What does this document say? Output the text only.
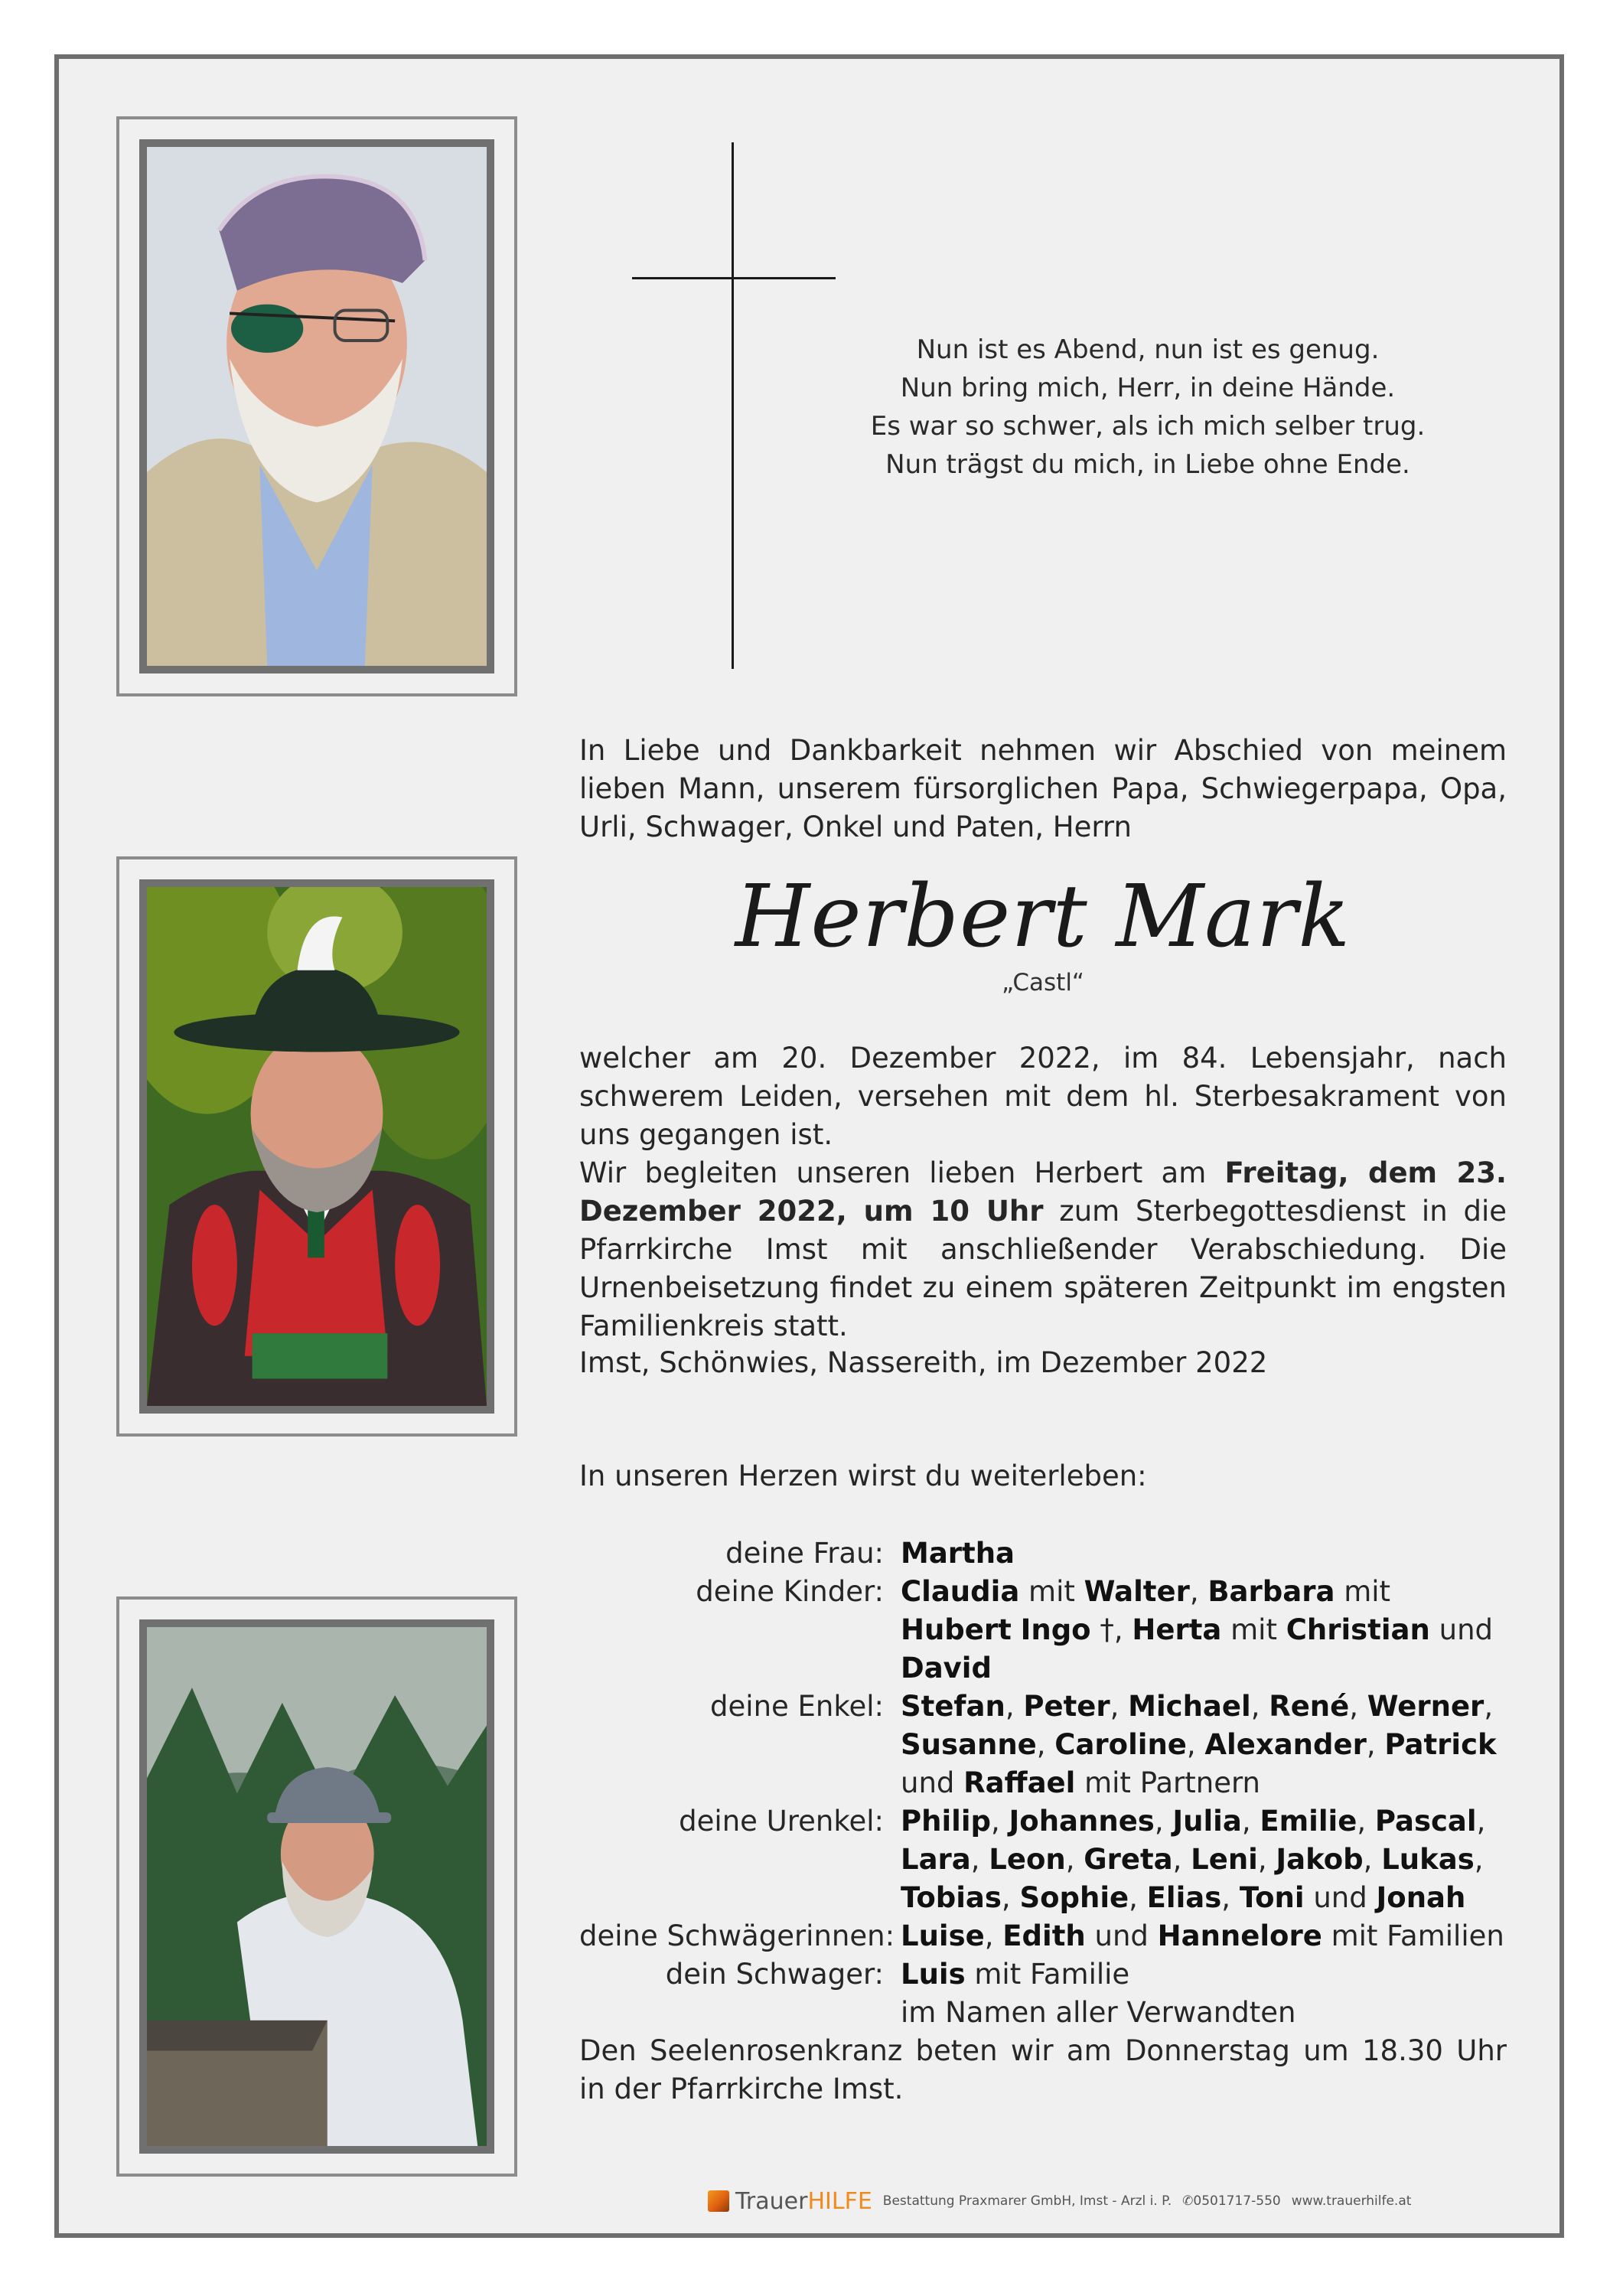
Nun ist es Abend, nun ist es genug.
Nun bring mich, Herr, in deine Hände.
Es war so schwer, als ich mich selber trug.
Nun trägst du mich, in Liebe ohne Ende.
In Liebe und Dankbarkeit nehmen wir Abschied von meinem lieben Mann, unserem fürsorglichen Papa, Schwiegerpapa, Opa, Urli, Schwager, Onkel und Paten, Herrn
Herbert Mark
„Castl“
welcher am 20. Dezember 2022, im 84. Lebensjahr, nach schwerem Leiden, versehen mit dem hl. Sterbesakrament von uns gegangen ist.
Wir begleiten unseren lieben Herbert am Freitag, dem 23. Dezember 2022, um 10 Uhr zum Sterbegottesdienst in die Pfarrkirche Imst mit anschließender Verabschiedung. Die Urnenbeisetzung findet zu einem späteren Zeitpunkt im engsten Familienkreis statt.
Imst, Schönwies, Nassereith, im Dezember 2022
In unseren Herzen wirst du weiterleben:
deine Frau: Martha
deine Kinder: Claudia mit Walter, Barbara mit Hubert Ingo †, Herta mit Christian und David
deine Enkel: Stefan, Peter, Michael, René, Werner, Susanne, Caroline, Alexander, Patrick und Raffael mit Partnern
deine Urenkel: Philip, Johannes, Julia, Emilie, Pascal, Lara, Leon, Greta, Leni, Jakob, Lukas, Tobias, Sophie, Elias, Toni und Jonah
deine Schwägerinnen: Luise, Edith und Hannelore mit Familien
dein Schwager: Luis mit Familie
im Namen aller Verwandten
Den Seelenrosenkranz beten wir am Donnerstag um 18.30 Uhr in der Pfarrkirche Imst.
TrauerHILFE Bestattung Praxmarer GmbH, Imst - Arzl i. P. ✆0501717-550 www.trauerhilfe.at
